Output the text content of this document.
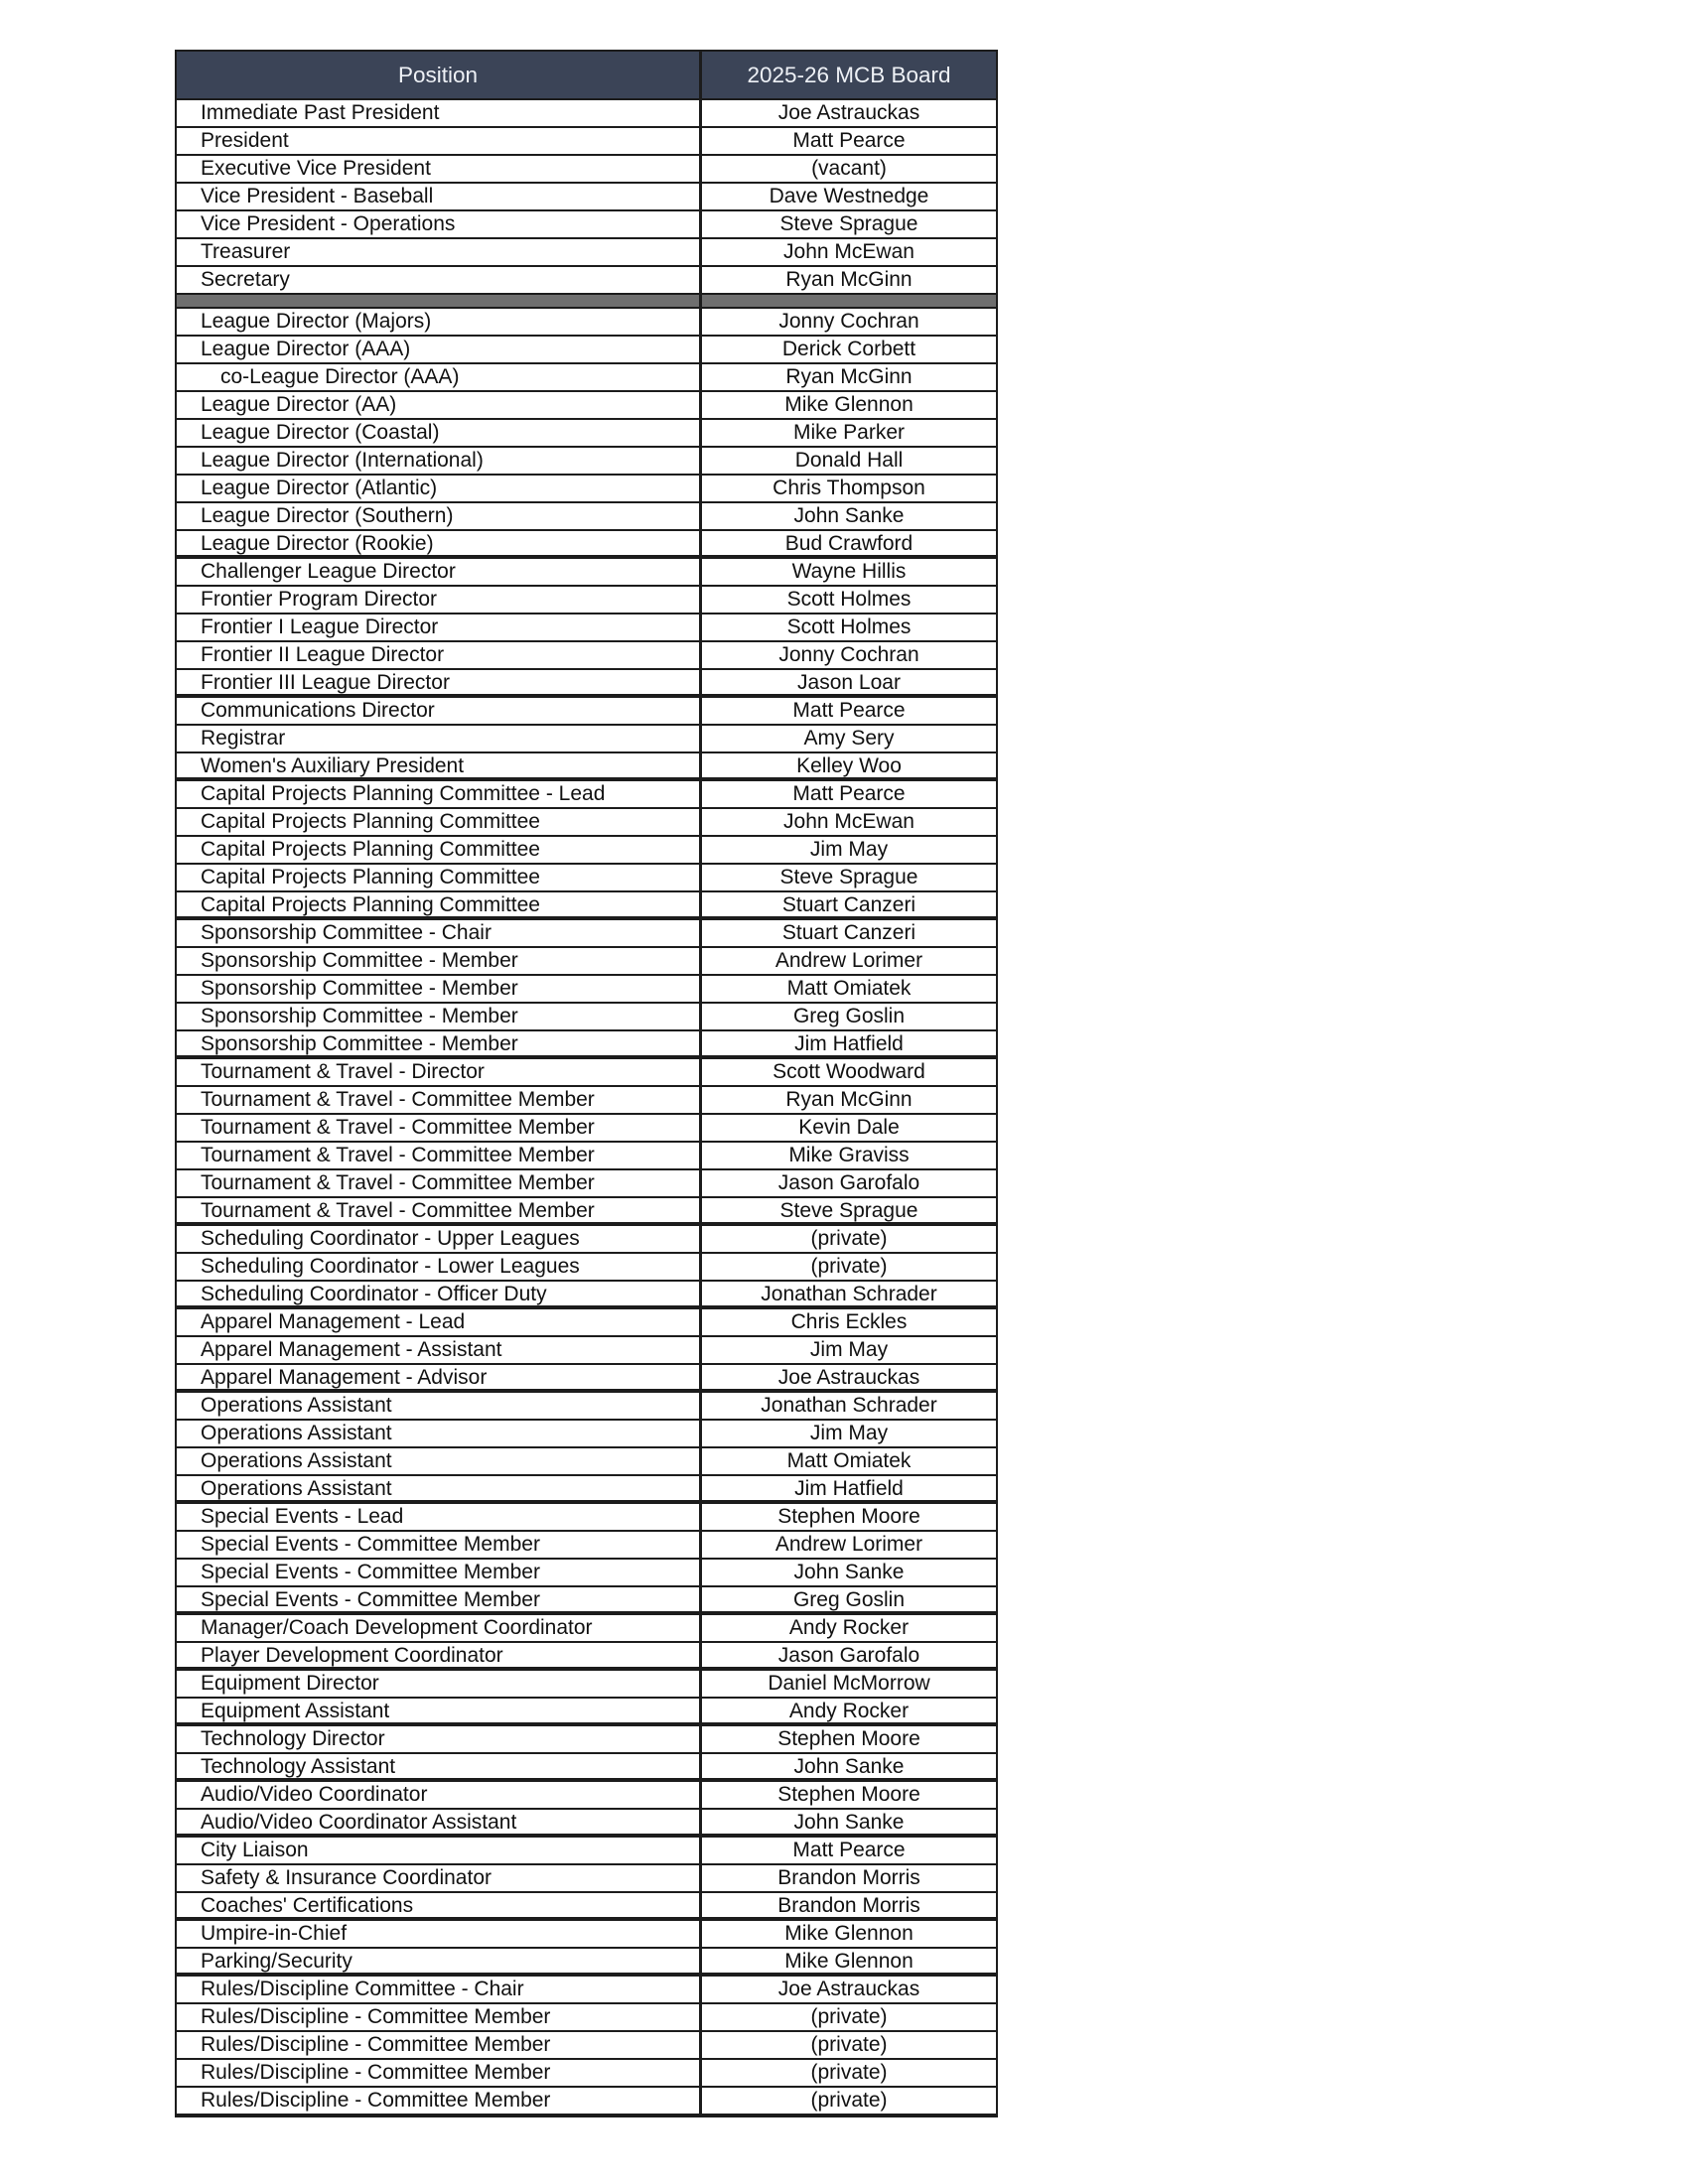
Position	2025-26 MCB Board
Immediate Past President	Joe Astrauckas
President	Matt Pearce
Executive Vice President	(vacant)
Vice President - Baseball	Dave Westnedge
Vice President - Operations	Steve Sprague
Treasurer	John McEwan
Secretary	Ryan McGinn
League Director (Majors)	Jonny Cochran
League Director (AAA)	Derick Corbett
co-League Director (AAA)	Ryan McGinn
League Director (AA)	Mike Glennon
League Director (Coastal)	Mike Parker
League Director (International)	Donald Hall
League Director (Atlantic)	Chris Thompson
League Director (Southern)	John Sanke
League Director (Rookie)	Bud Crawford
Challenger League Director	Wayne Hillis
Frontier Program Director	Scott Holmes
Frontier I League Director	Scott Holmes
Frontier II League Director	Jonny Cochran
Frontier III League Director	Jason Loar
Communications Director	Matt Pearce
Registrar	Amy Sery
Women's Auxiliary President	Kelley Woo
Capital Projects Planning Committee - Lead	Matt Pearce
Capital Projects Planning Committee	John McEwan
Capital Projects Planning Committee	Jim May
Capital Projects Planning Committee	Steve Sprague
Capital Projects Planning Committee	Stuart Canzeri
Sponsorship Committee - Chair	Stuart Canzeri
Sponsorship Committee - Member	Andrew Lorimer
Sponsorship Committee - Member	Matt Omiatek
Sponsorship Committee - Member	Greg Goslin
Sponsorship Committee - Member	Jim Hatfield
Tournament & Travel - Director	Scott Woodward
Tournament & Travel - Committee Member	Ryan McGinn
Tournament & Travel - Committee Member	Kevin Dale
Tournament & Travel - Committee Member	Mike Graviss
Tournament & Travel - Committee Member	Jason Garofalo
Tournament & Travel - Committee Member	Steve Sprague
Scheduling Coordinator - Upper Leagues	(private)
Scheduling Coordinator - Lower Leagues	(private)
Scheduling Coordinator - Officer Duty	Jonathan Schrader
Apparel Management - Lead	Chris Eckles
Apparel Management - Assistant	Jim May
Apparel Management - Advisor	Joe Astrauckas
Operations Assistant	Jonathan Schrader
Operations Assistant	Jim May
Operations Assistant	Matt Omiatek
Operations Assistant	Jim Hatfield
Special Events - Lead	Stephen Moore
Special Events - Committee Member	Andrew Lorimer
Special Events - Committee Member	John Sanke
Special Events - Committee Member	Greg Goslin
Manager/Coach Development Coordinator	Andy Rocker
Player Development Coordinator	Jason Garofalo
Equipment Director	Daniel McMorrow
Equipment Assistant	Andy Rocker
Technology Director	Stephen Moore
Technology Assistant	John Sanke
Audio/Video Coordinator	Stephen Moore
Audio/Video Coordinator Assistant	John Sanke
City Liaison	Matt Pearce
Safety & Insurance Coordinator	Brandon Morris
Coaches' Certifications	Brandon Morris
Umpire-in-Chief	Mike Glennon
Parking/Security	Mike Glennon
Rules/Discipline Committee - Chair	Joe Astrauckas
Rules/Discipline - Committee Member	(private)
Rules/Discipline - Committee Member	(private)
Rules/Discipline - Committee Member	(private)
Rules/Discipline - Committee Member	(private)
